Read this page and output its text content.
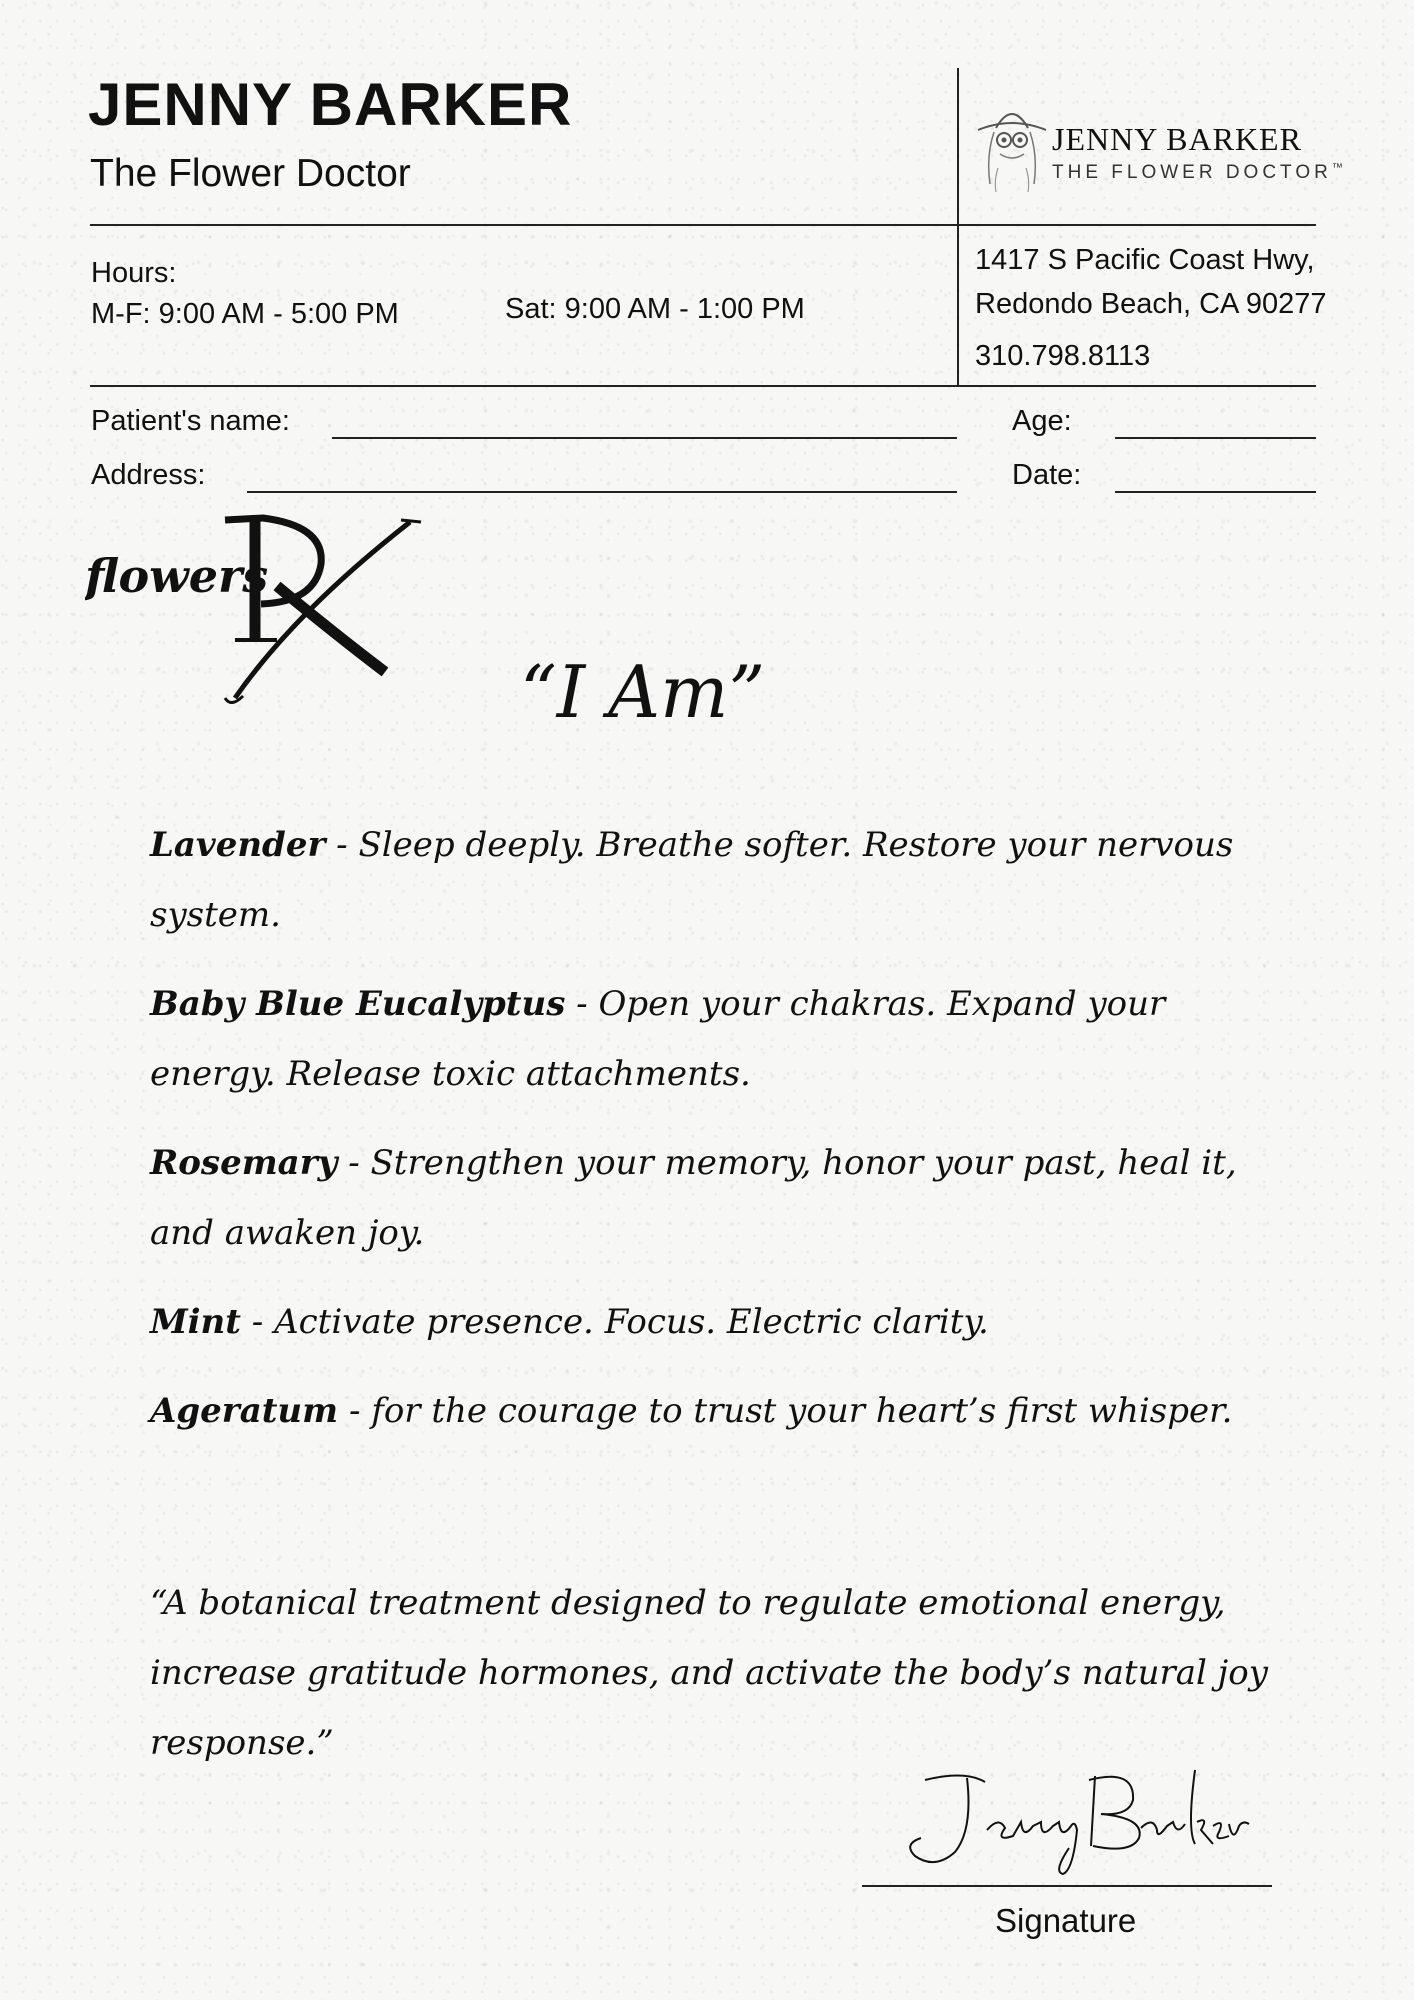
JENNY BARKER
The Flower Doctor
JENNY BARKER
THE FLOWER DOCTOR™
Hours:
M-F: 9:00 AM - 5:00 PM	Sat: 9:00 AM - 1:00 PM
1417 S Pacific Coast Hwy,
Redondo Beach, CA 90277
310.798.8113
Patient's name:	Age:
Address:	Date:
flowers
“I Am”
Lavender - Sleep deeply. Breathe softer. Restore your nervous system.
Baby Blue Eucalyptus - Open your chakras. Expand your energy. Release toxic attachments.
Rosemary - Strengthen your memory, honor your past, heal it, and awaken joy.
Mint - Activate presence. Focus. Electric clarity.
Ageratum - for the courage to trust your heart’s first whisper.
“A botanical treatment designed to regulate emotional energy, increase gratitude hormones, and activate the body’s natural joy response.”
Signature
